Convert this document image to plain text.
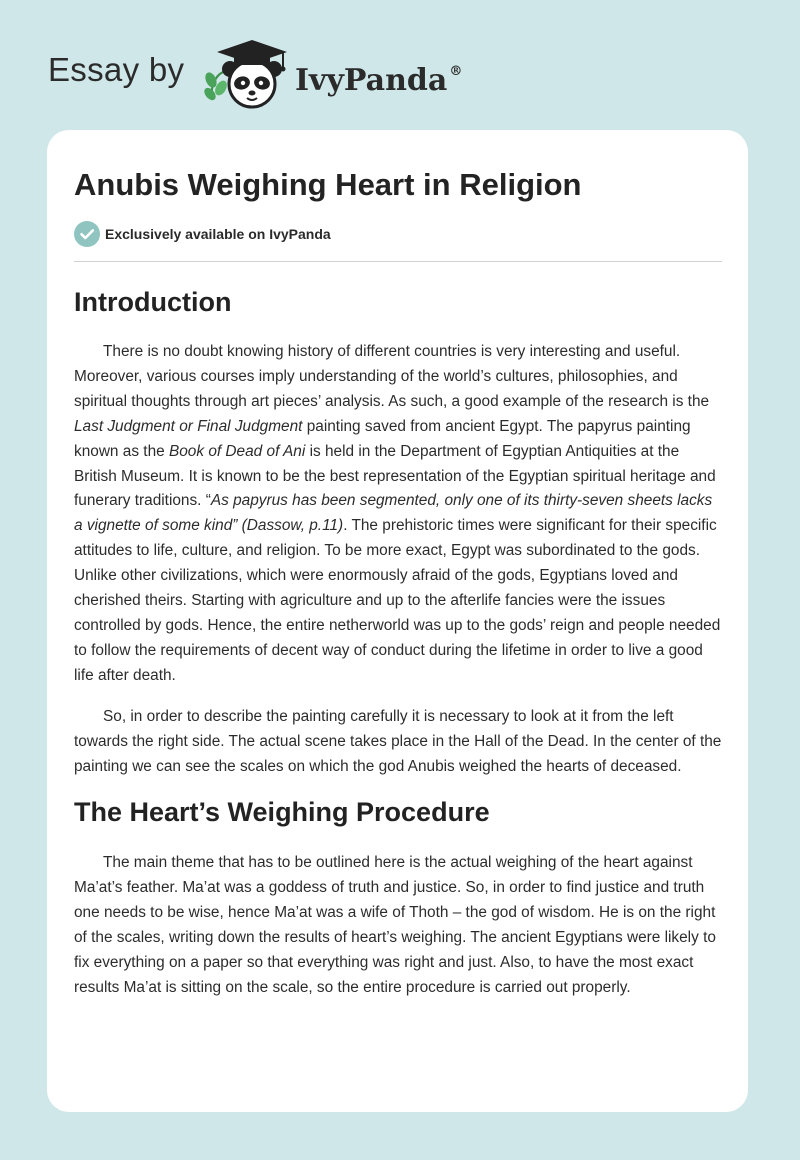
Essay by	IvyPanda ®
Anubis Weighing Heart in Religion
Exclusively available on IvyPanda
Introduction

There is no doubt knowing history of different countries is very interesting and useful. Moreover, various courses imply understanding of the world’s cultures, philosophies, and spiritual thoughts through art pieces’ analysis. As such, a good example of the research is the Last Judgment or Final Judgment painting saved from ancient Egypt. The papyrus painting known as the Book of Dead of Ani is held in the Department of Egyptian Antiquities at the British Museum. It is known to be the best representation of the Egyptian spiritual heritage and funerary traditions. “As papyrus has been segmented, only one of its thirty-seven sheets lacks a vignette of some kind” (Dassow, p.11). The prehistoric times were significant for their specific attitudes to life, culture, and religion. To be more exact, Egypt was subordinated to the gods. Unlike other civilizations, which were enormously afraid of the gods, Egyptians loved and cherished theirs. Starting with agriculture and up to the afterlife fancies were the issues controlled by gods. Hence, the entire netherworld was up to the gods’ reign and people needed to follow the requirements of decent way of conduct during the lifetime in order to live a good life after death.

So, in order to describe the painting carefully it is necessary to look at it from the left towards the right side. The actual scene takes place in the Hall of the Dead. In the center of the painting we can see the scales on which the god Anubis weighed the hearts of deceased.

The Heart’s Weighing Procedure

The main theme that has to be outlined here is the actual weighing of the heart against Ma’at’s feather. Ma’at was a goddess of truth and justice. So, in order to find justice and truth one needs to be wise, hence Ma’at was a wife of Thoth – the god of wisdom. He is on the right of the scales, writing down the results of heart’s weighing. The ancient Egyptians were likely to fix everything on a paper so that everything was right and just. Also, to have the most exact results Ma’at is sitting on the scale, so the entire procedure is carried out properly.
